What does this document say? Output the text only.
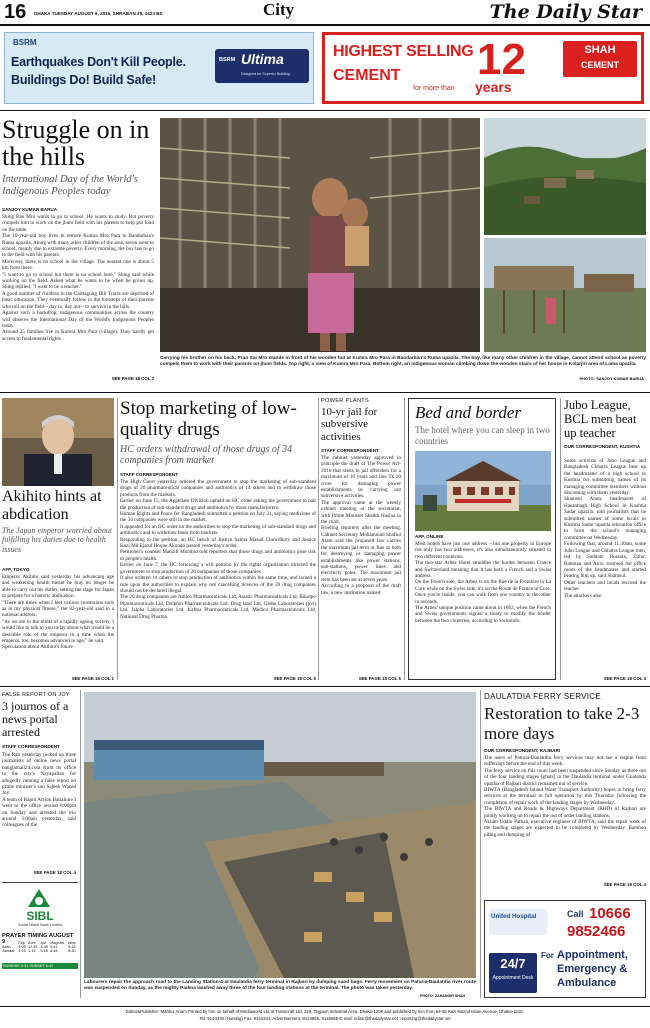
16 DHAKA TUESDAY AUGUST 9, 2016, SHRABAN 25, 1423 BS	City	The Daily Star
BSRM
Earthquakes Don't Kill People.
Buildings Do! Build Safe!
BSRM Ultima
Designed for Superior Building
HIGHEST SELLING
CEMENT
for more than
12
years
SHAH
CEMENT
Struggle on in the hills
International Day of the World's Indigenous Peoples today
SANJOY KUMAR BARUA

Shing Rao Mro wants to go to school. He wants to study. But poverty compels him to work on the jhum field with his parents to help put food on the table.

The 10-year-old boy lives in remote Kumra Mro Para in Bandarban's Ruma upazila. Along with many other children of the area, seven went to school, mainly due to extreme poverty. Every morning, the boy has to go to the field with his parents.

Moreover, there is no school in the village. The nearest one is about 5 km from there.

"I want to go to school but there is no school here," Shing said while working on the field. Asked what he wants to be when he grows up, Shing replied, "I want to be a teacher."

A good number of children in the Chittagong Hill Tracts are deprived of basic education. They eventually follow in the footsteps of their parents who toil on the field – day in, day out – to survive in the hills.

Against such a backdrop, indigenous communities across the country will observe the International Day of the World's Indigenous Peoples today.

Around 25 families live in Kumra Mro Para (village). They hardly get access to fundamental rights

SEE PAGE 18 COL 3
Carrying his brother on his back, Prao Sai Mro stands in front of his wooden hut at Kumra Mro Para in Bandarban's Ruma upazila. The boy, like many other children in the village, cannot attend school as poverty compels them to work with their parents on jhum fields. Top right, a view of Kumra Mro Para. Bottom right, an indigenous woman climbing down the wooden stairs of her house in Kolarjiri area of Lama upazila.
PHOTO: SANJOY KUMAR BARUA
Akihito hints at abdication
The Japan emperor worried about fulfilling his duties due to health issues
AFP, TOKYO

Emperor Akihito said yesterday his advancing age and weakening health meant he may no longer be able to carry out his duties, setting the stage for Japan to prepare for a historic abdication.

"There are times when I feel various constraints such as in my physical fitness," the 82-year-old said in a national address.

"As we are in the midst of a rapidly ageing society, I would like to talk to you today about what would be a desirable role of the emperor in a time when the emperor, too, becomes advanced in age," he said.

Speculation about Akihito's future

SEE PAGE 18 COL 1
Stop marketing of low-quality drugs
HC orders withdrawal of those drugs of 34 companies from market
STAFF CORRESPONDENT

The High Court yesterday ordered the government to stop the marketing of sub-standard drugs of 20 pharmaceutical companies and antibiotics of 14 others and to withdraw those products from the markets.

Earlier on June 15, the Appellate Division upheld an HC order asking the government to halt the production of sub-standard drugs and antibiotics by those manufacturers.

Human Rights and Peace for Bangladesh submitted a petition on July 31, saying medicines of the 34 companies were still in the market.

It appealed for an HC order on the authorities to stop the marketing of sub-standard drugs and antibiotics and to withdraw them from markets.

Responding to the petition, an HC bench of Justice Salma Masud Chowdhury and Justice Kazi Md Ejarul Hoque Akondo passed yesterday's order.

Petitioner's counsel Manzill Murshid told reporters that those drugs and antibiotics pose risk to people's health.

Earlier on June 7, the HC following a writ petition by the rights organisation directed the government to stop production of 20 companies of those companies.

It also ordered 14 others to stop production of antibiotics within the same time, and issued a rule upon the authorities to explain why not cancelling licences of the 20 drug companies should not be declared illegal.

The 20 drug companies are Amico Pharmaceuticals Ltd, Asiatic Pharmaceuticals Ltd, Bikolpo Pharmaceuticals Ltd, Dolphin Pharmaceuticals Ltd, Drug land Ltd, Globe Laboratories (pvt) Ltd, Jalpha Laboratories Ltd, Kafma Pharmaceuticals Ltd, Medico Pharmaceuticals Ltd, National Drug Pharma

SEE PAGE 18 COL 6
POWER PLANTS
10-yr jail for subversive activities
STAFF CORRESPONDENT

The cabinet yesterday approved in principle the draft of The Power Act-2016 that seeks to jail offenders for a maximum of 10 years and fine Tk 10 crore for damaging power establishments by carrying out subversive activities.

The approval came at the weekly cabinet meeting at the secretariat, with Prime Minister Sheikh Hasina in the chair.

Briefing reporters after the meeting, Cabinet Secretary Mohammad Shafiul Alam said the proposed law carries the maximum jail term or fine or both for destroying or damaging power establishments like power stations, sub-stations, power lines and electricity poles. The maximum jail term has been set at seven years.

According to a proposal of the draft law, a new institution named

SEE PAGE 18 COL 5
Bed and border
The hotel where you can sleep in two countries
AFP, ONLINE

Most hotels have just one address – but one property in Europe not only has two addresses, it's also simultaneously situated in two different countries.

The two-star Arbez Hotel straddles the border between France and Switzerland meaning that it has both a French and a Swiss address.

On the French side, the Arbez is on the Rue de la Frontiere in La Cure while on the Swiss side, it's on the Route de France in Cure.

Once you're inside, you can walk from one country to the other in seconds.

The Arbez' unique position came about in 1862, when the French and Swiss governments signed a treaty to modify the border between the two countries, according to Swissinfo.

Jubo League, BCL men beat up teacher
OUR CORRESPONDENT, KUSHTIA

Some activists of Jubo League and Bangladesh Chhatra League beat up the headmaster of a high school in Kushtia for submitting names of its managing committee members without discussing with them yesterday.

Shamsul Alam, headmaster of Hasanbagh High School in Kushtia Sadar upazila, told journalists that he submitted names of some locals to Kushtia Sadar upazila education office to form the school's managing committee on Wednesday.

Following that, around 11.30am, some Jubo League and Chhatra League men, led by Saddam Hossain, Zillur, Rahman and Anis, stormed the office room of the headmaster and started beating him up, said Shamsul.

Other teachers and locals rescued the teacher.

The attackers also

SEE PAGE 18 COL 4
FALSE REPORT ON JOY
3 journos of a news portal arrested
STAFF CORRESPONDENT

The Rab yesterday picked up three journalists of online news portal banglamail24.com from its office in the city's Nayapaltan for allegedly running a false report on prime minister's son Sajeeb Wazed Joy.

A team of Rapid Action Battalion-3 went to the office around 8:00pm on Sunday and arrested the trio around 3:00am yesterday, said colleagues of the

SEE PAGE 18 COL 4
SIBL
Social Islami Bank Limited
PRAYER TIMING AUGUST 9
		Fajr	Zohr	Asr	Maghrib	Isha
Azan	4:05	12:45	4:45	6:41	8:15
Jamaat	4:15	1:15	5:15	6:46	8:30
SUNRISE 5:31 SUNSET 6:41
Labourers repair the approach road to the Landing Station-4 at Daulatdia ferry terminal in Rajbari by dumping sand bags. Ferry movement on Paturia-Daulatdia river route was suspended on Sunday, as the mighty Padma washed away three of the four landing stations at the terminal. The photo was taken yesterday.
PHOTO: ZAHANGIR SHAH
DAULATDIA FERRY SERVICE
Restoration to take 2-3 more days
OUR CORRESPONDENT, RAJBARI

The users of Paturia-Daulatdia ferry services may not see a respite from sufferings before the end of this week.

The ferry service on this route had been suspended since Sunday as three out of the four landing stages [ghats] in the Daulatdia terminal under Goalanda upazila of Rajbari district remained out of service.

BIWTA (Bangladesh Inland Water Transport Authority) hopes to bring ferry services at the terminal in full operation by this Thursday following the completion of repair work of the landing stages by Wednesday.

The BIWTA and Roads & Highways Department (RHD) of Rajbari are jointly working on to repair the out of order landing stations.

Nizam Uddin Pathan, executive engineer of BIWTA, said the repair work of the landing stages are expected to be completed by Wednesday. Bamboo piling and dumping of

SEE PAGE 18 COL 4
United Hospital	Call 10666
9852466
24/7
Appointment Desk
For Appointment,
Emergency &
Ambulance
Editor&Publisher: Mahfuz Anam Printed by him on behalf of Mediaworld Ltd at Transcraft Ltd, 229, Tejgaon Industrial Area, Dhaka-1208 and published by him from 64-65 Kazi Nazrul Islam Avenue, Dhaka-1215.
Tel: 9144330 (Hunting) Fax: 9144331, Advertisement: 8124955, 9145569 E-mail: editor@thedailystar.net, reporting@thedailystar.net
